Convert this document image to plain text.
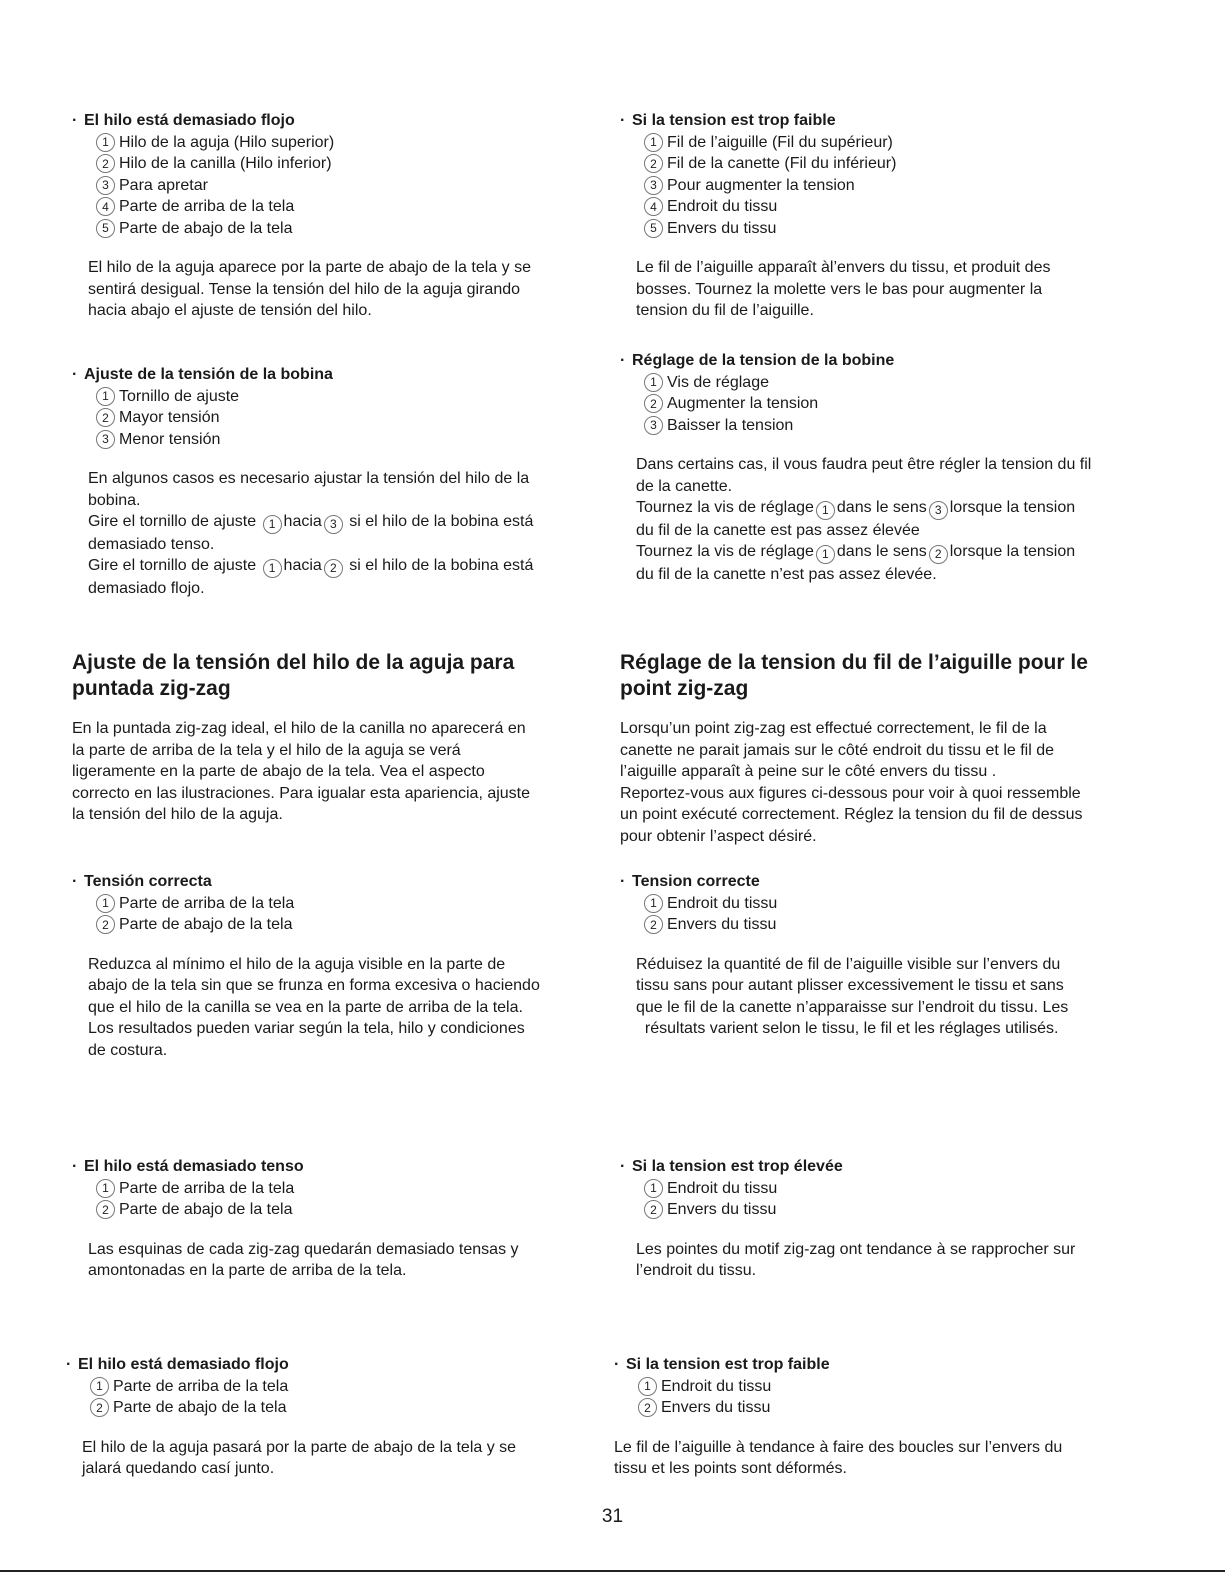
· El hilo está demasiado flojo
1 Hilo de la aguja (Hilo superior)
2 Hilo de la canilla (Hilo inferior)
3 Para apretar
4 Parte de arriba de la tela
5 Parte de abajo de la tela

El hilo de la aguja aparece por la parte de abajo de la tela y se

sentirá desigual. Tense la tensión del hilo de la aguja girando

hacia abajo el ajuste de tensión del hilo.

· Ajuste de la tensión de la bobina
1 Tornillo de ajuste
2 Mayor tensión
3 Menor tensión

En algunos casos es necesario ajustar la tensión del hilo de la

bobina.

Gire el tornillo de ajuste 1 hacia 3 si el hilo de la bobina está

demasiado tenso.

Gire el tornillo de ajuste 1 hacia 2 si el hilo de la bobina está

demasiado flojo.

Ajuste de la tensión del hilo de la aguja para
puntada zig-zag

En la puntada zig-zag ideal, el hilo de la canilla no aparecerá en

la parte de arriba de la tela y el hilo de la aguja se verá

ligeramente en la parte de abajo de la tela. Vea el aspecto

correcto en las ilustraciones. Para igualar esta apariencia, ajuste

la tensión del hilo de la aguja.

· Tensión correcta
1 Parte de arriba de la tela
2 Parte de abajo de la tela

Reduzca al mínimo el hilo de la aguja visible en la parte de

abajo de la tela sin que se frunza en forma excesiva o haciendo

que el hilo de la canilla se vea en la parte de arriba de la tela.

Los resultados pueden variar según la tela, hilo y condiciones

de costura.

· El hilo está demasiado tenso
1 Parte de arriba de la tela
2 Parte de abajo de la tela

Las esquinas de cada zig-zag quedarán demasiado tensas y

amontonadas en la parte de arriba de la tela.

· El hilo está demasiado flojo
1 Parte de arriba de la tela
2 Parte de abajo de la tela

El hilo de la aguja pasará por la parte de abajo de la tela y se

jalará quedando casí junto.

· Si la tension est trop faible
1 Fil de l’aiguille (Fil du supérieur)
2 Fil de la canette (Fil du inférieur)
3 Pour augmenter la tension
4 Endroit du tissu
5 Envers du tissu

Le fil de l’aiguille apparaît àl’envers du tissu, et produit des

bosses. Tournez la molette vers le bas pour augmenter la

tension du fil de l’aiguille.

· Réglage de la tension de la bobine
1 Vis de réglage
2 Augmenter la tension
3 Baisser la tension

Dans certains cas, il vous faudra peut être régler la tension du fil

de la canette.

Tournez la vis de réglage 1 dans le sens 3 lorsque la tension

du fil de la canette est pas assez élevée

Tournez la vis de réglage 1 dans le sens 2 lorsque la tension

du fil de la canette n’est pas assez élevée.

Réglage de la tension du fil de l’aiguille pour le
point zig-zag

Lorsqu’un point zig-zag est effectué correctement, le fil de la

canette ne parait jamais sur le côté endroit du tissu et le fil de

l’aiguille apparaît à peine sur le côté envers du tissu .

Reportez-vous aux figures ci-dessous pour voir à quoi ressemble

un point exécuté correctement. Réglez la tension du fil de dessus

pour obtenir l’aspect désiré.

· Tension correcte
1 Endroit du tissu
2 Envers du tissu

Réduisez la quantité de fil de l’aiguille visible sur l’envers du

tissu sans pour autant plisser excessivement le tissu et sans

que le fil de la canette n’apparaisse sur l’endroit du tissu. Les

résultats varient selon le tissu, le fil et les réglages utilisés.

· Si la tension est trop élevée
1 Endroit du tissu
2 Envers du tissu

Les pointes du motif zig-zag ont tendance à se rapprocher sur

l’endroit du tissu.

· Si la tension est trop faible
1 Endroit du tissu
2 Envers du tissu

Le fil de l’aiguille à tendance à faire des boucles sur l’envers du

tissu et les points sont déformés.

31
